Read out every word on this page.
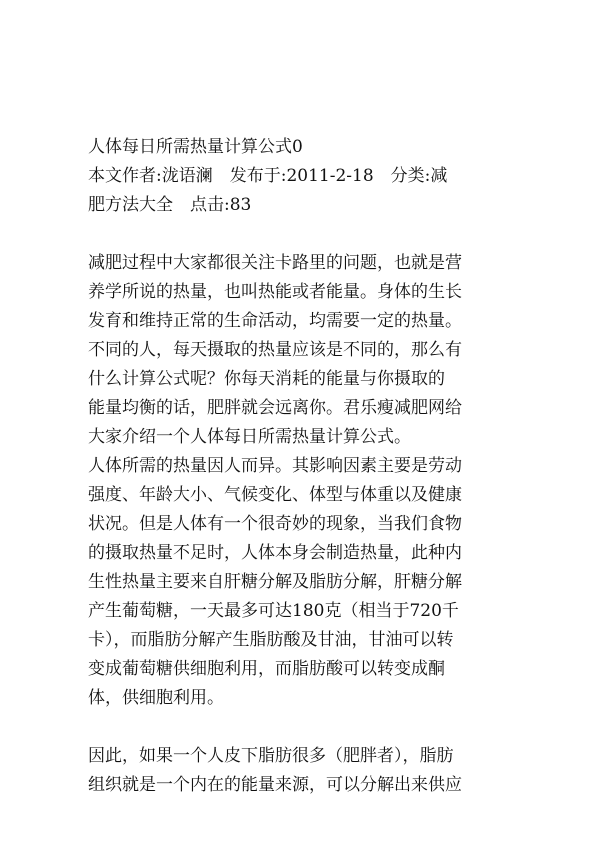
人体每日所需热量计算公式0
本文作者:泷语澜　发布于:2011-2-18　分类:减
肥方法大全　点击:83
减肥过程中大家都很关注卡路里的问题，也就是营
养学所说的热量，也叫热能或者能量。身体的生长
发育和维持正常的生命活动，均需要一定的热量。
不同的人，每天摄取的热量应该是不同的，那么有
什么计算公式呢？你每天消耗的能量与你摄取的
能量均衡的话，肥胖就会远离你。君乐瘦减肥网给
大家介绍一个人体每日所需热量计算公式。
人体所需的热量因人而异。其影响因素主要是劳动
强度、年龄大小、气候变化、体型与体重以及健康
状况。但是人体有一个很奇妙的现象，当我们食物
的摄取热量不足时，人体本身会制造热量，此种内
生性热量主要来自肝糖分解及脂肪分解，肝糖分解
产生葡萄糖，一天最多可达180克（相当于720千
卡），而脂肪分解产生脂肪酸及甘油，甘油可以转
变成葡萄糖供细胞利用，而脂肪酸可以转变成酮
体，供细胞利用。
因此，如果一个人皮下脂肪很多（肥胖者），脂肪
组织就是一个内在的能量来源，可以分解出来供应
